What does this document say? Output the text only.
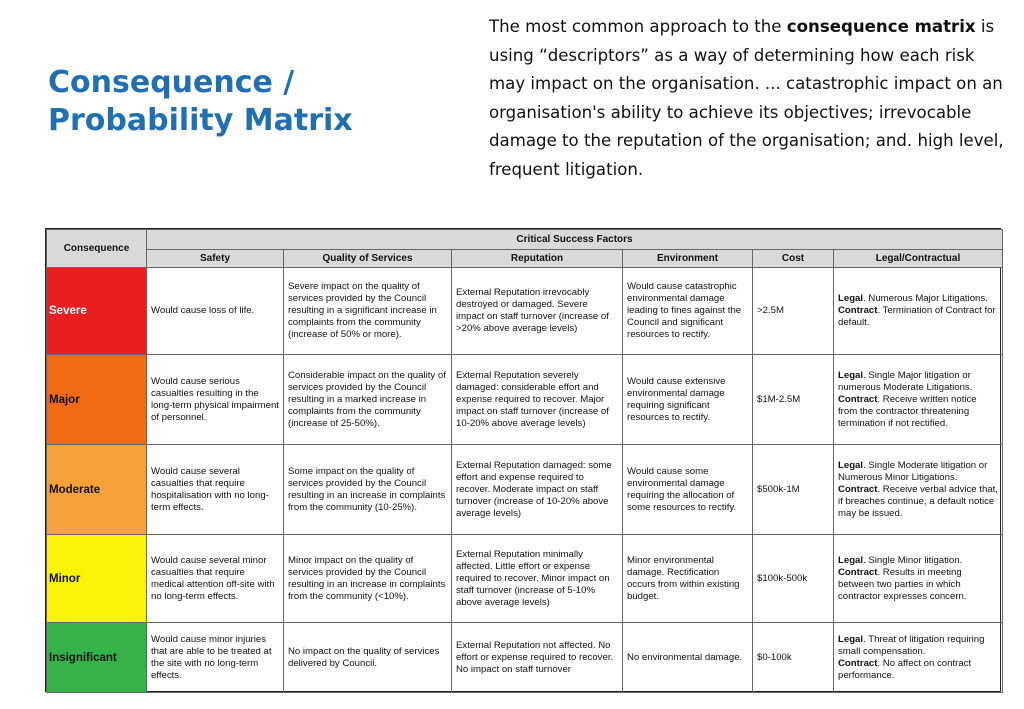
Consequence /
Probability Matrix
The most common approach to the consequence matrix is using “descriptors” as a way of determining how each risk may impact on the organisation. ... catastrophic impact on an organisation's ability to achieve its objectives; irrevocable damage to the reputation of the organisation; and. high level, frequent litigation.
Consequence	Critical Success Factors					
	Safety	Quality of Services	Reputation	Environment	Cost	Legal/Contractual
Severe	Would cause loss of life.	Severe impact on the quality of services provided by the Council resulting in a significant increase in complaints from the community (increase of 50% or more).	External Reputation irrevocably destroyed or damaged. Severe impact on staff turnover (increase of >20% above average levels)	Would cause catastrophic environmental damage leading to fines against the Council and significant resources to rectify.	>2.5M	Legal. Numerous Major Litigations.
Contract. Termination of Contract for default.

Major	Would cause serious casualties resulting in the long-term physical impairment of personnel.	Considerable impact on the quality of services provided by the Council resulting in a marked increase in complaints from the community (increase of 25-50%).	External Reputation severely damaged: considerable effort and expense required to recover. Major impact on staff turnover (increase of 10-20% above average levels)	Would cause extensive environmental damage requiring significant resources to rectify.	$1M-2.5M	Legal. Single Major litigation or numerous Moderate Litigations.
Contract. Receive written notice from the contractor threatening termination if not rectified.

Moderate	Would cause several casualties that require hospitalisation with no long-term effects.	Some impact on the quality of services provided by the Council resulting in an increase in complaints from the community (10-25%).	External Reputation damaged: some effort and expense required to recover. Moderate impact on staff turnover (increase of 10-20% above average levels)	Would cause some environmental damage requiring the allocation of some resources to rectify.	$500k-1M	Legal. Single Moderate litigation or Numerous Minor Litigations.
Contract. Receive verbal advice that, if breaches continue, a default notice may be issued.

Minor	Would cause several minor casualties that require medical attention off-site with no long-term effects.	Minor impact on the quality of services provided by the Council resulting in an increase in complaints from the community (<10%).	External Reputation minimally affected. Little effort or expense required to recover. Minor impact on staff turnover (increase of 5-10% above average levels)	Minor environmental damage. Rectification occurs from within existing budget.	$100k-500k	Legal. Single Minor litigation.
Contract. Results in meeting between two parties in which contractor expresses concern.

Insignificant	Would cause minor injuries that are able to be treated at the site with no long-term effects.	No impact on the quality of services delivered by Council.	External Reputation not affected. No effort or expense required to recover. No impact on staff turnover	No environmental damage.	$0-100k	Legal. Threat of litigation requiring small compensation.
Contract. No affect on contract performance.
